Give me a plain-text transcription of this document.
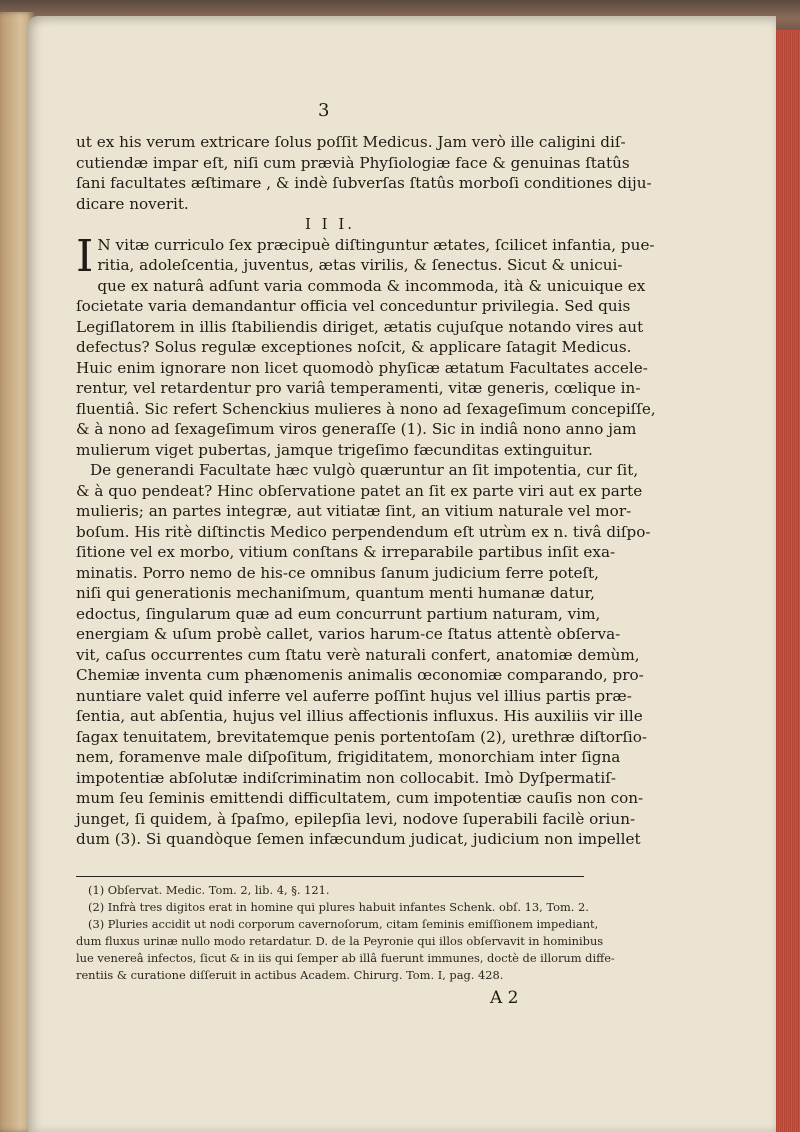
3
ut ex his verum extricare ſolus poſſit Medicus. Jam verò ille caligini diſ-
cutiendæ impar eſt, niſi cum prævià Phyſiologiæ face & genuinas ſtatûs
ſani facultates æſtimare , & indè ſubverſas ſtatûs morboſi conditiones diju-
dicare noverit.
I I I.
I N vitæ curriculo ſex præcipuè diſtinguntur ætates, ſcilicet infantia, pue-
ritia, adoleſcentia, juventus, ætas virilis, & ſenectus. Sicut & unicui-
que ex naturâ adſunt varia commoda & incommoda, ità & unicuique ex
ſocietate varia demandantur officia vel conceduntur privilegia. Sed quis
Legiſlatorem in illis ſtabiliendis diriget, ætatis cujuſque notando vires aut
defectus? Solus regulæ exceptiones noſcit, & applicare ſatagit Medicus.
Huic enim ignorare non licet quomodò phyſicæ ætatum Facultates accele-
rentur, vel retardentur pro variâ temperamenti, vitæ generis, cœlique in-
fluentiâ. Sic refert Schenckius mulieres à nono ad ſexageſimum concepiſſe,
& à nono ad ſexageſimum viros generaſſe (1). Sic in indiâ nono anno jam
mulierum viget pubertas, jamque trigeſimo fæcunditas extinguitur.
De generandi Facultate hæc vulgò quæruntur an ſit impotentia, cur ſit,
& à quo pendeat? Hinc obſervatione patet an ſit ex parte viri aut ex parte
mulieris; an partes integræ, aut vitiatæ ſint, an vitium naturale vel mor-
boſum. His ritè diſtinctis Medico perpendendum eſt utrùm ex n. tivâ diſpo-
ſitione vel ex morbo, vitium conſtans & irreparabile partibus inſit exa-
minatis. Porro nemo de his-ce omnibus ſanum judicium ferre poteſt,
niſi qui generationis mechaniſmum, quantum menti humanæ datur,
edoctus, ſingularum quæ ad eum concurrunt partium naturam, vim,
energiam & uſum probè callet, varios harum-ce ſtatus attentè obſerva-
vit, caſus occurrentes cum ſtatu verè naturali confert, anatomiæ demùm,
Chemiæ inventa cum phænomenis animalis œconomiæ comparando, pro-
nuntiare valet quid inferre vel auferre poſſint hujus vel illius partis præ-
ſentia, aut abſentia, hujus vel illius affectionis influxus. His auxiliis vir ille
ſagax tenuitatem, brevitatemque penis portentoſam (2), urethræ diſtorſio-
nem, foramenve male diſpoſitum, frigiditatem, monorchiam inter ſigna
impotentiæ abſolutæ indiſcriminatim non collocabit. Imò Dyſpermatiſ-
mum ſeu ſeminis emittendi difficultatem, cum impotentiæ cauſis non con-
junget, ſi quidem, à ſpaſmo, epilepſia levi, nodove ſuperabili facilè oriun-
dum (3). Si quandòque ſemen infæcundum judicat, judicium non impellet
(1) Obſervat. Medic. Tom. 2, lib. 4, §. 121.
(2) Infrà tres digitos erat in homine qui plures habuit infantes Schenk. obſ. 13, Tom. 2.
(3) Pluries accidit ut nodi corporum cavernoſorum, citam ſeminis emiſſionem impediant,
dum fluxus urinæ nullo modo retardatur. D. de la Peyronie qui illos obſervavit in hominibus
lue venereâ infectos, ſicut & in iis qui ſemper ab illâ fuerunt immunes, doctè de illorum diffe-
rentiis & curatione diſſeruit in actibus Academ. Chirurg. Tom. I, pag. 428.
A 2
